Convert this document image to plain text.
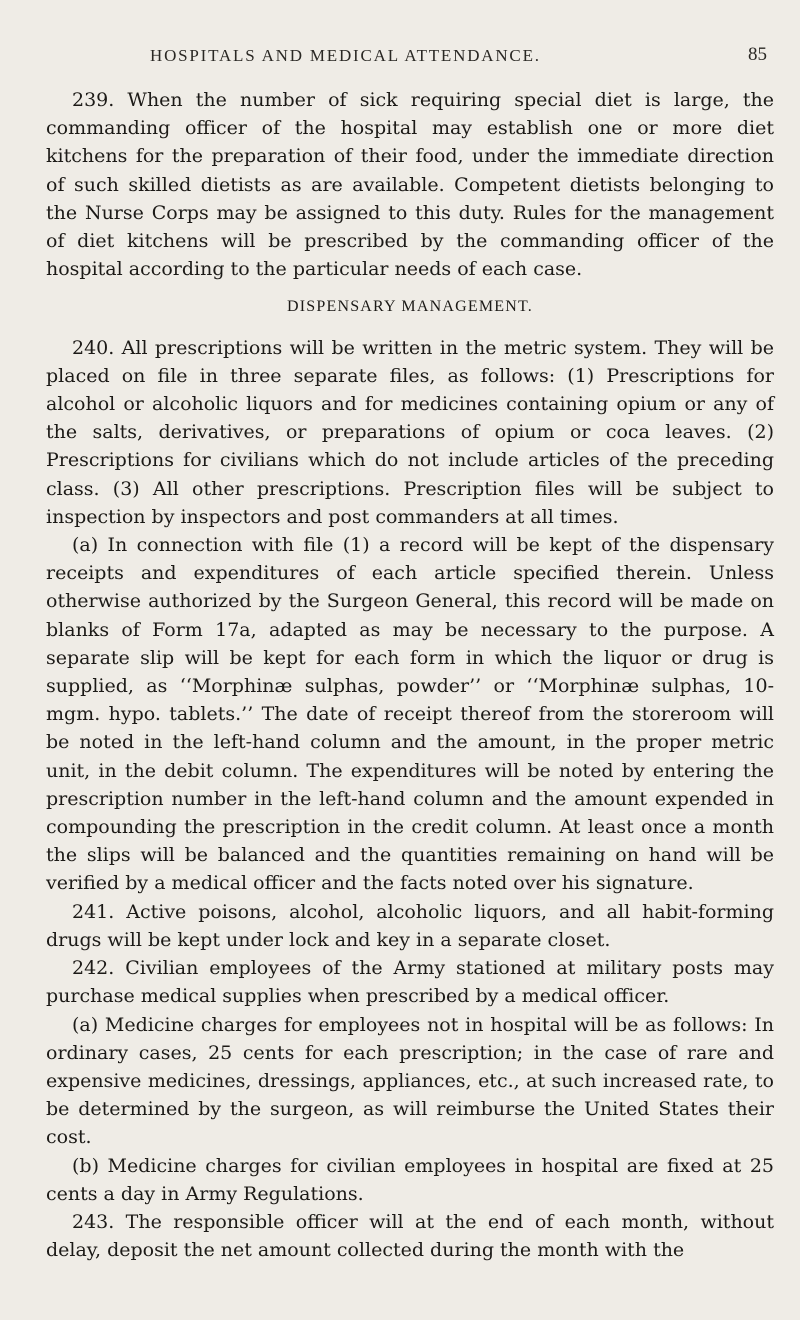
HOSPITALS AND MEDICAL ATTENDANCE.	85

239. When the number of sick requiring special diet is large, the commanding officer of the hospital may establish one or more diet kitchens for the preparation of their food, under the immediate direction of such skilled dietists as are available. Competent dietists belonging to the Nurse Corps may be assigned to this duty. Rules for the management of diet kitchens will be prescribed by the commanding officer of the hospital according to the particular needs of each case.

DISPENSARY MANAGEMENT.

240. All prescriptions will be written in the metric system. They will be placed on file in three separate files, as follows: (1) Prescriptions for alcohol or alcoholic liquors and for medicines containing opium or any of the salts, derivatives, or preparations of opium or coca leaves. (2) Prescriptions for civilians which do not include articles of the preceding class. (3) All other prescriptions. Prescription files will be subject to inspection by inspectors and post commanders at all times.

(a) In connection with file (1) a record will be kept of the dispensary receipts and expenditures of each article specified therein. Unless otherwise authorized by the Surgeon General, this record will be made on blanks of Form 17a, adapted as may be necessary to the purpose. A separate slip will be kept for each form in which the liquor or drug is supplied, as ‘‘Morphinæ sulphas, powder’’ or ‘‘Morphinæ sulphas, 10-mgm. hypo. tablets.’’ The date of receipt thereof from the storeroom will be noted in the left-hand column and the amount, in the proper metric unit, in the debit column. The expenditures will be noted by entering the prescription number in the left-hand column and the amount expended in compounding the prescription in the credit column. At least once a month the slips will be balanced and the quantities remaining on hand will be verified by a medical officer and the facts noted over his signature.

241. Active poisons, alcohol, alcoholic liquors, and all habit-forming drugs will be kept under lock and key in a separate closet.

242. Civilian employees of the Army stationed at military posts may purchase medical supplies when prescribed by a medical officer.

(a) Medicine charges for employees not in hospital will be as follows: In ordinary cases, 25 cents for each prescription; in the case of rare and expensive medicines, dressings, appliances, etc., at such increased rate, to be determined by the surgeon, as will reimburse the United States their cost.

(b) Medicine charges for civilian employees in hospital are fixed at 25 cents a day in Army Regulations.

243. The responsible officer will at the end of each month, without delay, deposit the net amount collected during the month with the
